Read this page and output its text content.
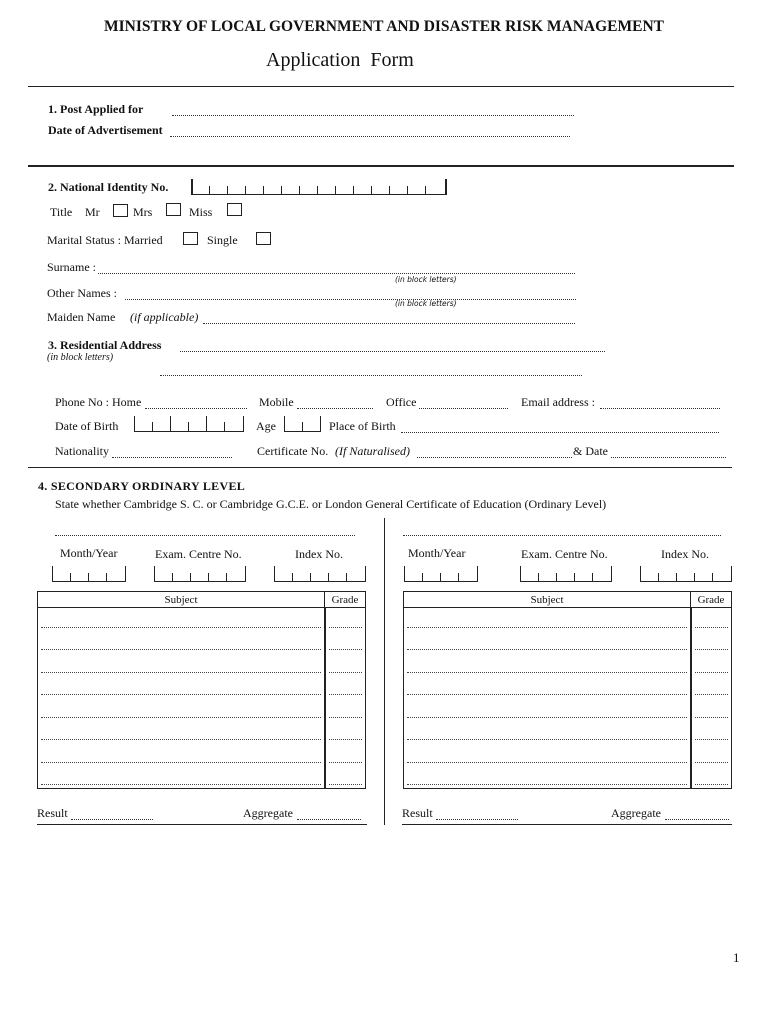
MINISTRY OF LOCAL GOVERNMENT AND DISASTER RISK MANAGEMENT
Application  Form
1. Post Applied for
Date of Advertisement
2. National Identity No.
Title Mr	Mrs	Miss
Marital Status : Married	Single
Surname :
(in block letters)
Other Names :
(in block letters)
Maiden Name (if applicable)
3. Residential Address
(in block letters)
Phone No : Home	Mobile	Office	Email address :
Date of Birth	Age	Place of Birth
Nationality	Certificate No. (If Naturalised)	& Date
4. SECONDARY ORDINARY LEVEL
State whether Cambridge S. C. or Cambridge G.C.E. or London General Certificate of Education (Ordinary Level)
Month/Year	Exam. Centre No.	Index No.
Subject	Grade

Result	Aggregate
Month/Year	Exam. Centre No.	Index No.
Subject	Grade

Result	Aggregate
1
